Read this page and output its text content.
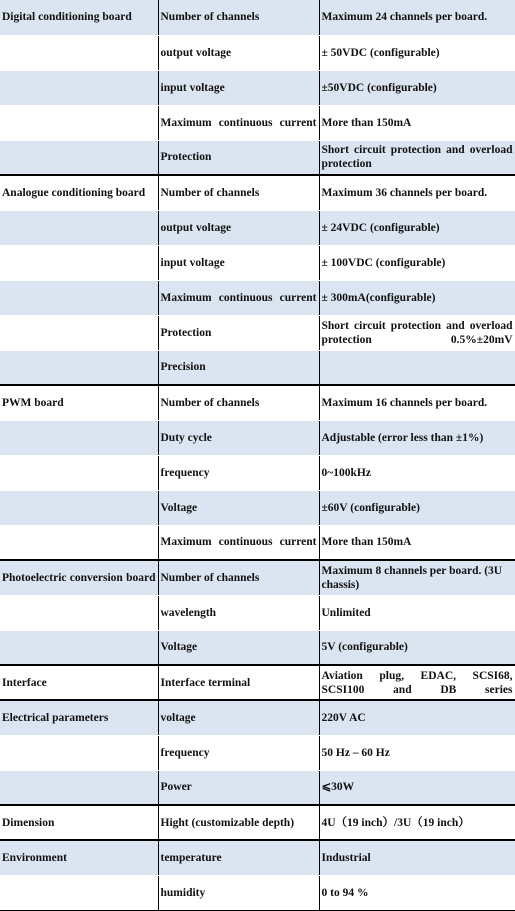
Digital conditioning board	Number of channels	Maximum 24 channels per board.
	output voltage	± 50VDC (configurable)
	input voltage	±50VDC (configurable)

	Maximum continuous current	More than 150mA
	Protection	Short circuit protection and overload protection

Analogue conditioning board	Number of channels	Maximum 36 channels per board.
	output voltage	± 24VDC (configurable)
	input voltage	± 100VDC (configurable)

	Maximum continuous current	± 300mA(configurable)
	Protection	Short circuit protection and overload protection 0.5%±20mV

	Precision	
PWM board	Number of channels	Maximum 16 channels per board.
	Duty cycle	Adjustable (error less than ±1%)
	frequency	0~100kHz
	Voltage	±60V (configurable)

	Maximum continuous current	More than 150mA

Photoelectric conversion board	Number of channels	Maximum 8 channels per board. (3U chassis)
	wavelength	Unlimited
	Voltage	5V (configurable)
Interface	Interface terminal	Aviation plug, EDAC, SCSI68, SCSI100 and DB series

Electrical parameters	voltage	220V AC
	frequency	50 Hz – 60 Hz
	Power	⩽30W
Dimension	Hight (customizable depth)	4U（19 inch）/3U（19 inch）
Environment	temperature	Industrial
	humidity	0 to 94 %
